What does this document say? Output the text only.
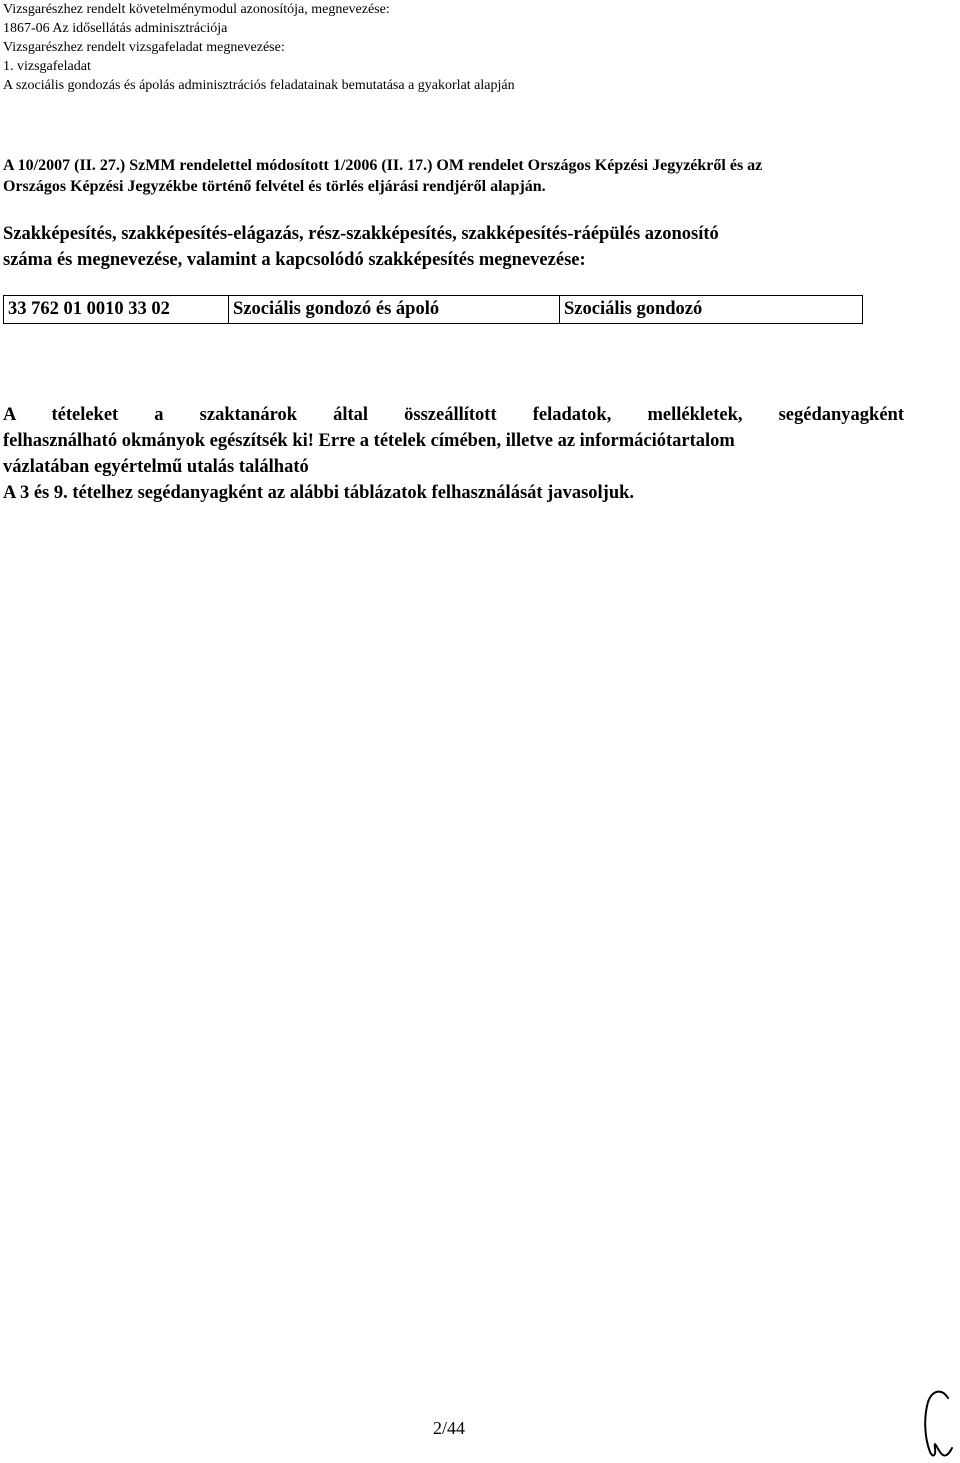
Vizsgarészhez rendelt követelménymodul azonosítója, megnevezése:
1867-06 Az idősellátás adminisztrációja
Vizsgarészhez rendelt vizsgafeladat megnevezése:
1. vizsgafeladat
A szociális gondozás és ápolás adminisztrációs feladatainak bemutatása a gyakorlat alapján
A 10/2007 (II. 27.) SzMM rendelettel módosított 1/2006 (II. 17.) OM rendelet Országos Képzési Jegyzékről és az
Országos Képzési Jegyzékbe történő felvétel és törlés eljárási rendjéről alapján.
Szakképesítés, szakképesítés-elágazás, rész-szakképesítés, szakképesítés-ráépülés azonosító
száma és megnevezése, valamint a kapcsolódó szakképesítés megnevezése:
33 762 01 0010 33 02	Szociális gondozó és ápoló	Szociális gondozó
A tételeket a szaktanárok által összeállított feladatok, mellékletek, segédanyagként
felhasználható okmányok egészítsék ki! Erre a tételek címében, illetve az információtartalom
vázlatában egyértelmű utalás található
A 3 és 9. tételhez segédanyagként az alábbi táblázatok felhasználását javasoljuk.
2/44
